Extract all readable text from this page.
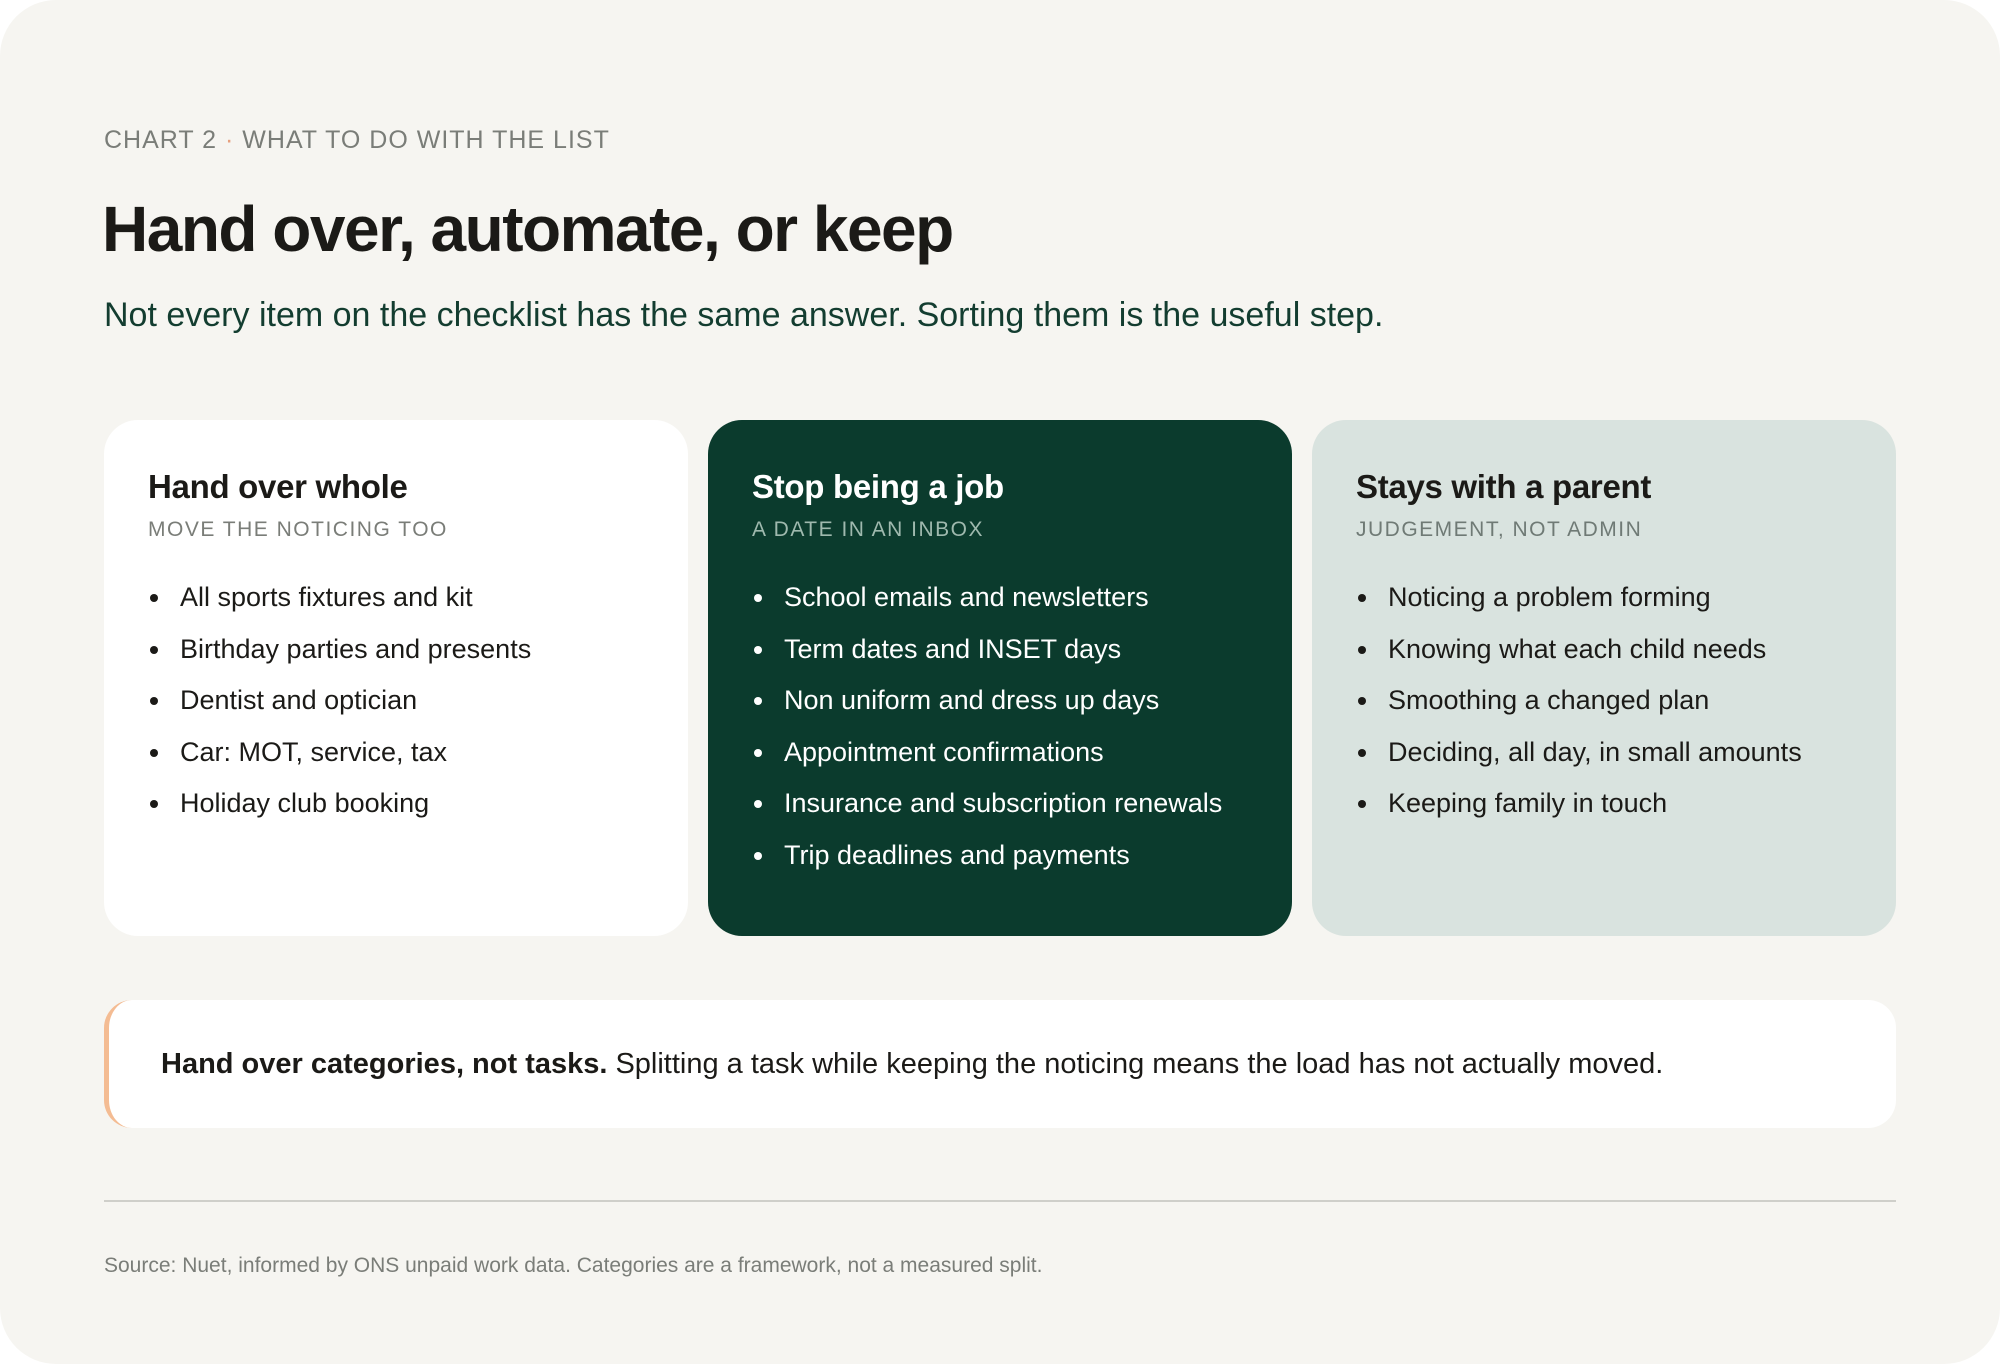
CHART 2 · WHAT TO DO WITH THE LIST
Hand over, automate, or keep
Not every item on the checklist has the same answer. Sorting them is the useful step.
Hand over whole
MOVE THE NOTICING TOO
All sports fixtures and kit
Birthday parties and presents
Dentist and optician
Car: MOT, service, tax
Holiday club booking
Stop being a job
A DATE IN AN INBOX
School emails and newsletters
Term dates and INSET days
Non uniform and dress up days
Appointment confirmations
Insurance and subscription renewals
Trip deadlines and payments
Stays with a parent
JUDGEMENT, NOT ADMIN
Noticing a problem forming
Knowing what each child needs
Smoothing a changed plan
Deciding, all day, in small amounts
Keeping family in touch
Hand over categories, not tasks. Splitting a task while keeping the noticing means the load has not actually moved.
Source: Nuet, informed by ONS unpaid work data. Categories are a framework, not a measured split.
